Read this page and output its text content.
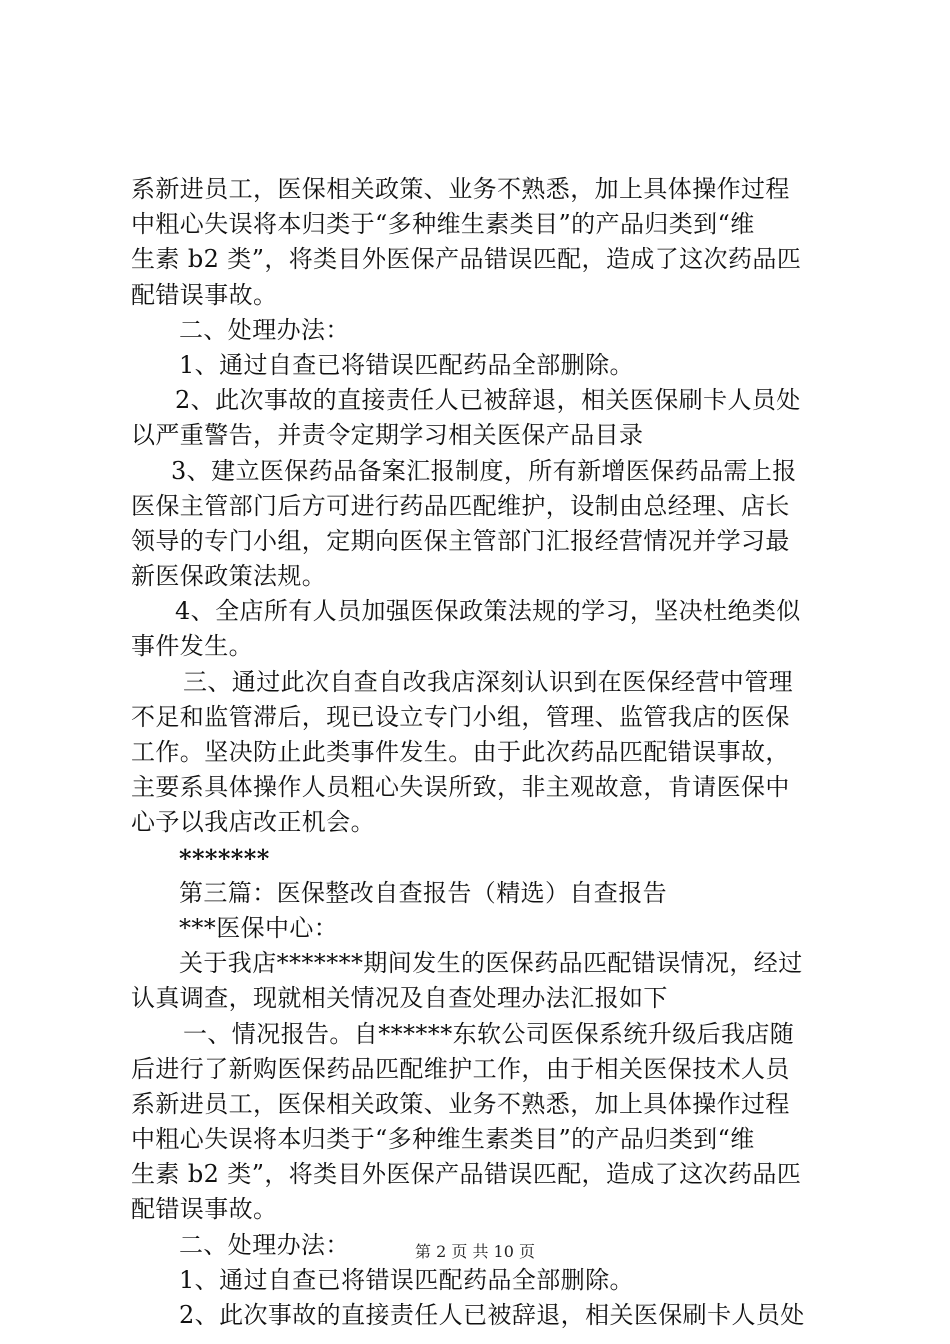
系新进员工，医保相关政策、业务不熟悉，加上具体操作过程
中粗心失误将本归类于“多种维生素类目”的产品归类到“维
生素 b2 类”，将类目外医保产品错误匹配，造成了这次药品匹
配错误事故。
二、处理办法：
1、通过自查已将错误匹配药品全部删除。
2、此次事故的直接责任人已被辞退，相关医保刷卡人员处
以严重警告，并责令定期学习相关医保产品目录
3、建立医保药品备案汇报制度，所有新增医保药品需上报
医保主管部门后方可进行药品匹配维护，设制由总经理、店长
领导的专门小组，定期向医保主管部门汇报经营情况并学习最
新医保政策法规。
4、全店所有人员加强医保政策法规的学习，坚决杜绝类似
事件发生。
三、通过此次自查自改我店深刻认识到在医保经营中管理
不足和监管滞后，现已设立专门小组，管理、监管我店的医保
工作。坚决防止此类事件发生。由于此次药品匹配错误事故，
主要系具体操作人员粗心失误所致，非主观故意，肯请医保中
心予以我店改正机会。
*******
第三篇：医保整改自查报告（精选）自查报告
***医保中心：
关于我店*******期间发生的医保药品匹配错误情况，经过
认真调查，现就相关情况及自查处理办法汇报如下
一、情况报告。自******东软公司医保系统升级后我店随
后进行了新购医保药品匹配维护工作，由于相关医保技术人员
系新进员工，医保相关政策、业务不熟悉，加上具体操作过程
中粗心失误将本归类于“多种维生素类目”的产品归类到“维
生素 b2 类”，将类目外医保产品错误匹配，造成了这次药品匹
配错误事故。
二、处理办法：
1、通过自查已将错误匹配药品全部删除。
2、此次事故的直接责任人已被辞退，相关医保刷卡人员处
第 2 页 共 10 页
